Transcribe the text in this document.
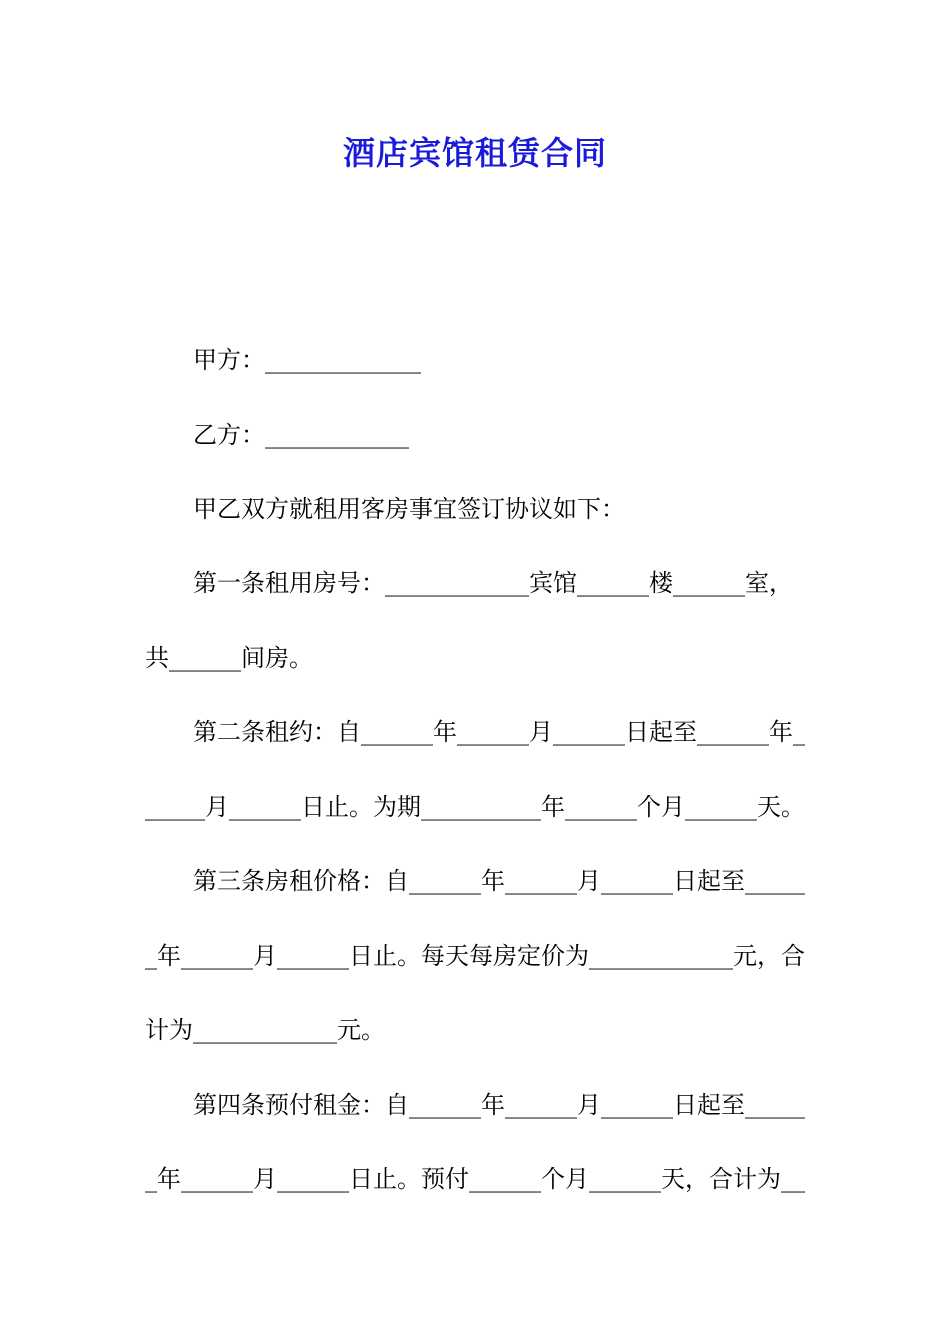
酒店宾馆租赁合同
甲方：_____________
乙方：____________
甲乙双方就租用客房事宜签订协议如下：
第一条租用房号：____________宾馆______楼______室，
共______间房。
第二条租约：自______年______月______日起至______年_
_____月______日止。为期__________年______个月______天。
第三条房租价格：自______年______月______日起至_____
_年______月______日止。每天每房定价为____________元，合
计为____________元。
第四条预付租金：自______年______月______日起至_____
_年______月______日止。预付______个月______天，合计为__
